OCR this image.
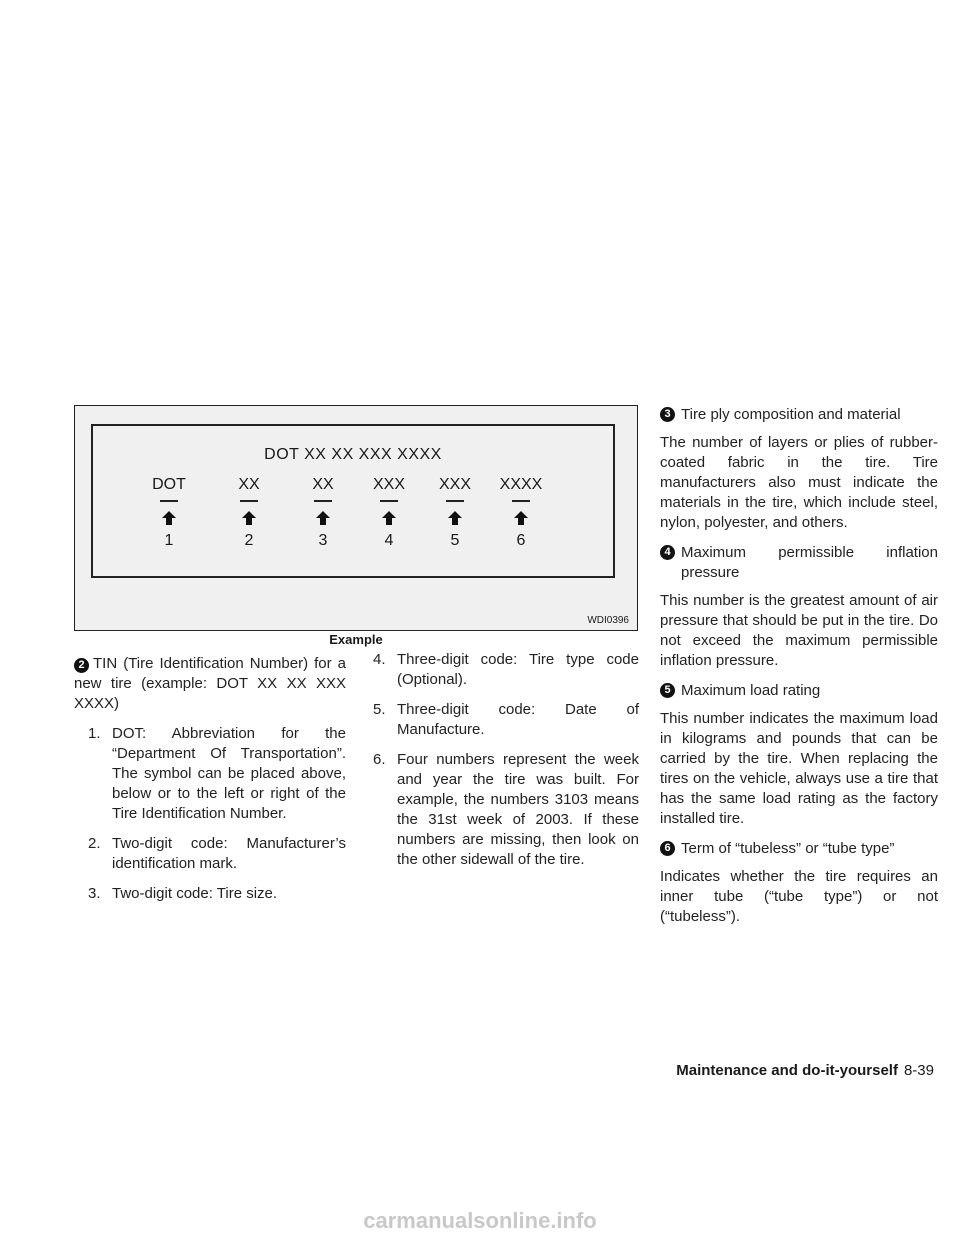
DOT XX XX XXX XXXX
DOT
1
XX
2
XX
3
XXX
4
XXX
5
XXXX
6
WDI0396
Example
2 TIN (Tire Identification Number) for a new tire (example: DOT XX XX XXX XXXX)
1. DOT: Abbreviation for the “Department Of Transportation”. The symbol can be placed above, below or to the left or right of the Tire Identification Number.
2. Two-digit code: Manufacturer’s identification mark.
3. Two-digit code: Tire size.
4. Three-digit code: Tire type code (Optional).
5. Three-digit code: Date of Manufacture.
6. Four numbers represent the week and year the tire was built. For example, the numbers 3103 means the 31st week of 2003. If these numbers are missing, then look on the other sidewall of the tire.
3 Tire ply composition and material
The number of layers or plies of rubber-coated fabric in the tire. Tire manufacturers also must indicate the materials in the tire, which include steel, nylon, polyester, and others.
4 Maximum permissible inflation pressure
This number is the greatest amount of air pressure that should be put in the tire. Do not exceed the maximum permissible inflation pressure.
5 Maximum load rating
This number indicates the maximum load in kilograms and pounds that can be carried by the tire. When replacing the tires on the vehicle, always use a tire that has the same load rating as the factory installed tire.
6 Term of “tubeless” or “tube type”
Indicates whether the tire requires an inner tube (“tube type”) or not (“tubeless”).
Maintenance and do-it-yourself 8-39
carmanualsonline.info
